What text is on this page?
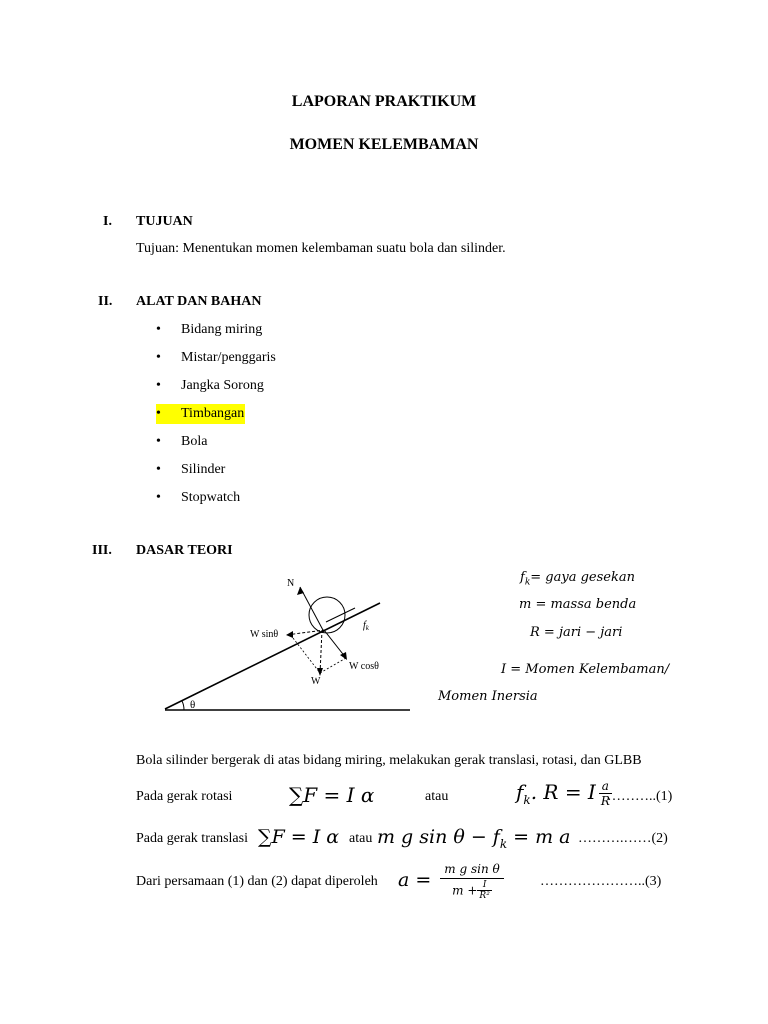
LAPORAN PRAKTIKUM
MOMEN KELEMBAMAN
I. TUJUAN
Tujuan: Menentukan momen kelembaman suatu bola dan silinder.
II. ALAT DAN BAHAN
• Bidang miring
• Mistar/penggaris
• Jangka Sorong
• Timbangan
• Bola
• Silinder
• Stopwatch
III. DASAR TEORI
N
$f_k$
W sinθ
W cosθ
W
θ
$f_k=$ gaya gesekan
m = massa benda
R = jari − jari
I = Momen Kelembaman/
Momen Inersia
Bola silinder bergerak di atas bidang miring, melakukan gerak translasi, rotasi, dan GLBB
Pada gerak rotasi	∑F = I α	atau	$f_k$. R = I $\frac{a}{R}$
………..(1)
Pada gerak translasi ∑F = I α atau m g $\sin \theta - f_k = m$ a ……….……(2)
Dari persamaan (1) dan (2) dapat diperoleh $a = \frac{\text{m g sin θ}}{m + \frac{I}{\text{R²}}}$	…………………..(3)
